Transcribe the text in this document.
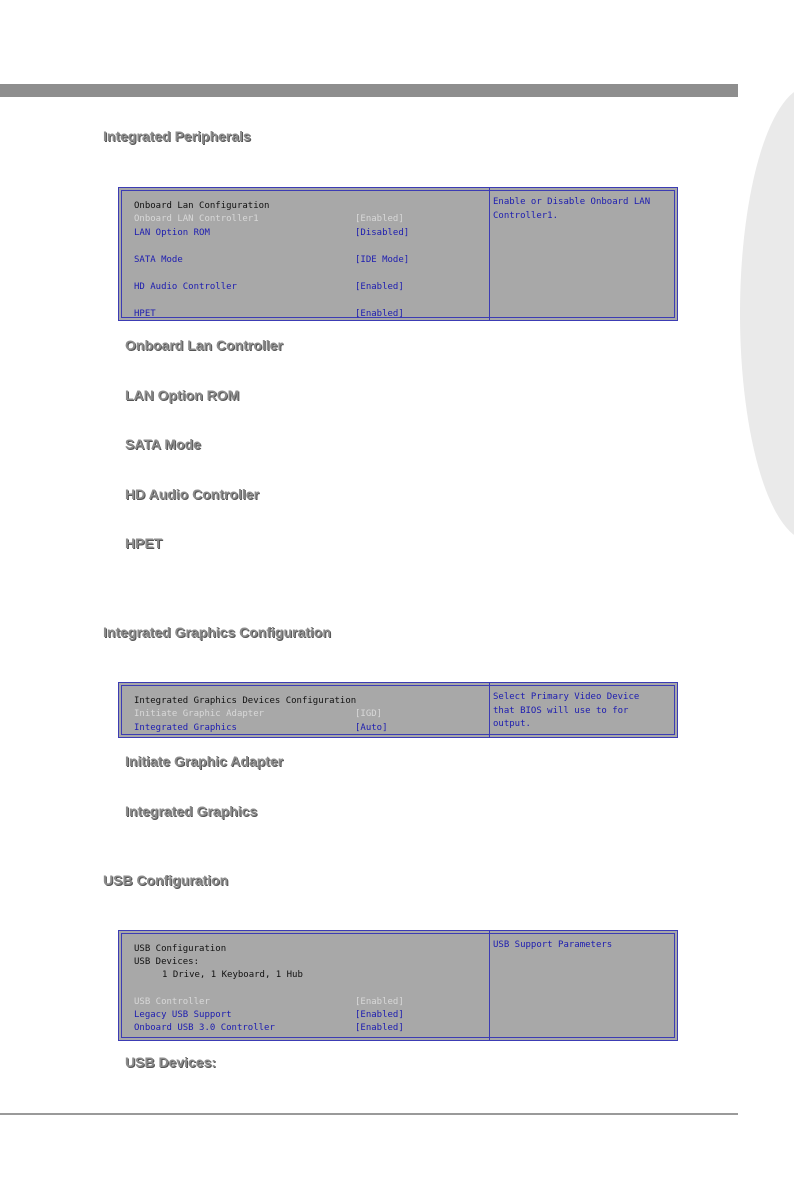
Integrated Peripherals
Onboard Lan Configuration
Onboard LAN Controller1	[Enabled]
LAN Option ROM	[Disabled]
SATA Mode	[IDE Mode]
HD Audio Controller	[Enabled]
HPET	[Enabled]
Enable or Disable Onboard LAN
Controller1.
Onboard Lan Controller
LAN Option ROM
SATA Mode
HD Audio Controller
HPET
Integrated Graphics Configuration
Integrated Graphics Devices Configuration
Initiate Graphic Adapter	[IGD]
Integrated Graphics	[Auto]
Select Primary Video Device
that BIOS will use to for
output.
Initiate Graphic Adapter
Integrated Graphics
USB Configuration
USB Configuration
USB Devices:
1 Drive, 1 Keyboard, 1 Hub
USB Controller	[Enabled]
Legacy USB Support	[Enabled]
Onboard USB 3.0 Controller	[Enabled]
USB Support Parameters
USB Devices:
